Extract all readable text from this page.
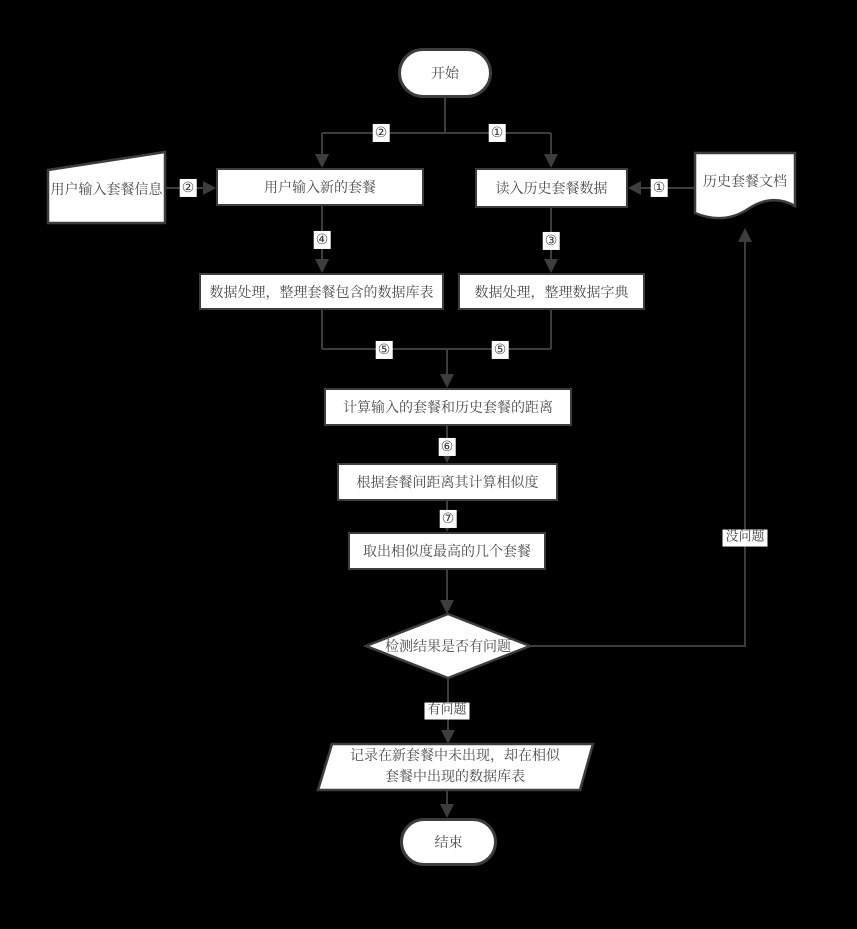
开始
结束
用户输入新的套餐	读入历史套餐数据
数据处理，整理套餐包含的数据库表	数据处理，整理数据字典
计算输入的套餐和历史套餐的距离
根据套餐间距离其计算相似度
取出相似度最高的几个套餐
用户输入套餐信息	历史套餐文档
检测结果是否有问题
记录在新套餐中未出现，却在相似套餐中出现的数据库表
②	①
②	①
④	③
⑤	⑤
⑥
⑦
有问题
没问题
